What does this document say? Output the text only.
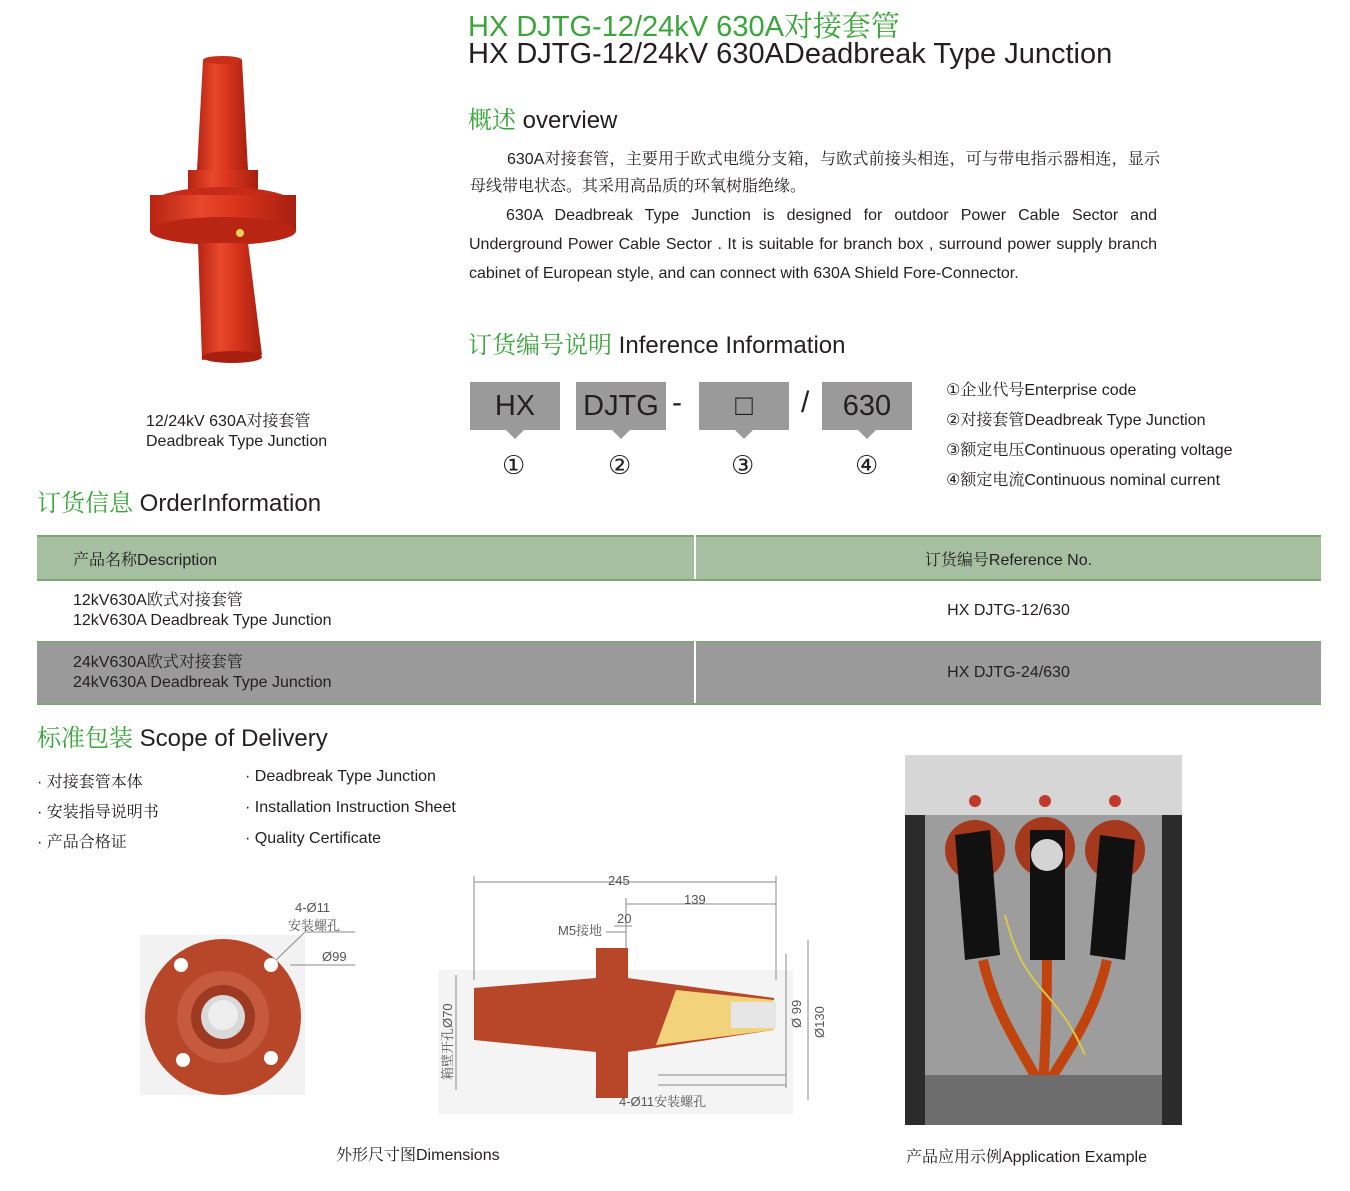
HX DJTG-12/24kV 630A对接套管
HX DJTG-12/24kV 630ADeadbreak Type Junction
12/24kV 630A对接套管
Deadbreak Type Junction
概述 overview
630A对接套管，主要用于欧式电缆分支箱，与欧式前接头相连，可与带电指示器相连，显示母线带电状态。其采用高品质的环氧树脂绝缘。
630A Deadbreak Type Junction is designed for outdoor Power Cable Sector and Underground Power Cable Sector . It is suitable for branch box , surround power supply branch cabinet of European style, and can connect with 630A Shield Fore-Connector.
订货编号说明 Inference Information
HX	DJTG -	□	/	630
①	②	③	④
①企业代号Enterprise code
②对接套管Deadbreak Type Junction
③额定电压Continuous operating voltage
④额定电流Continuous nominal current
订货信息 OrderInformation
产品名称Description	订货编号Reference No.

12kV630A欧式对接套管
12kV630A Deadbreak Type Junction	HX DJTG-12/630

24kV630A欧式对接套管
24kV630A Deadbreak Type Junction	HX DJTG-24/630
标准包装 Scope of Delivery
· 对接套管本体
· 安装指导说明书
· 产品合格证
· Deadbreak Type Junction
· Installation Instruction Sheet
· Quality Certificate
4-Ø11
安装螺孔
Ø99
245
139
20
M5接地
箱壁开孔Ø70	Ø 99 Ø130
4-Ø11安装螺孔
外形尺寸图Dimensions	产品应用示例Application Example
